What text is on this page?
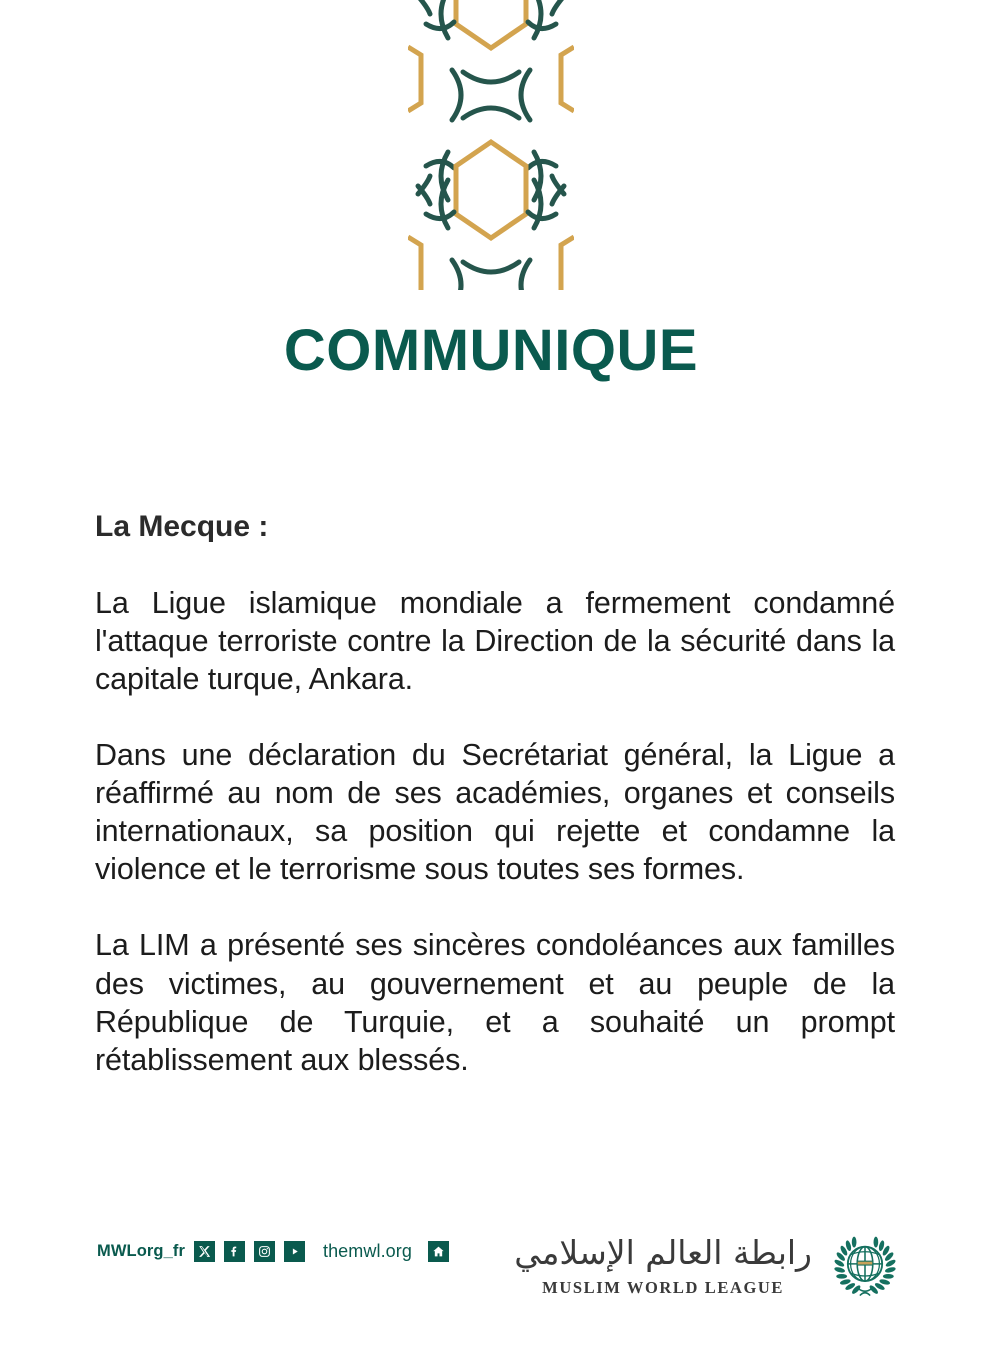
COMMUNIQUE

La Mecque :

La Ligue islamique mondiale a fermement condamné l'attaque terroriste contre la Direction de la sécurité dans la capitale turque, Ankara.

Dans une déclaration du Secrétariat général, la Ligue a réaffirmé au nom de ses académies, organes et conseils internationaux, sa position qui rejette et condamne la violence et le terrorisme sous toutes ses formes.

La LIM a présenté ses sincères condoléances aux familles des victimes, au gouvernement et au peuple de la République de Turquie, et a souhaité un prompt rétablissement aux blessés.

MWLorg_fr	themwl.org	رابطة العالم الإسلامي
MUSLIM WORLD LEAGUE
